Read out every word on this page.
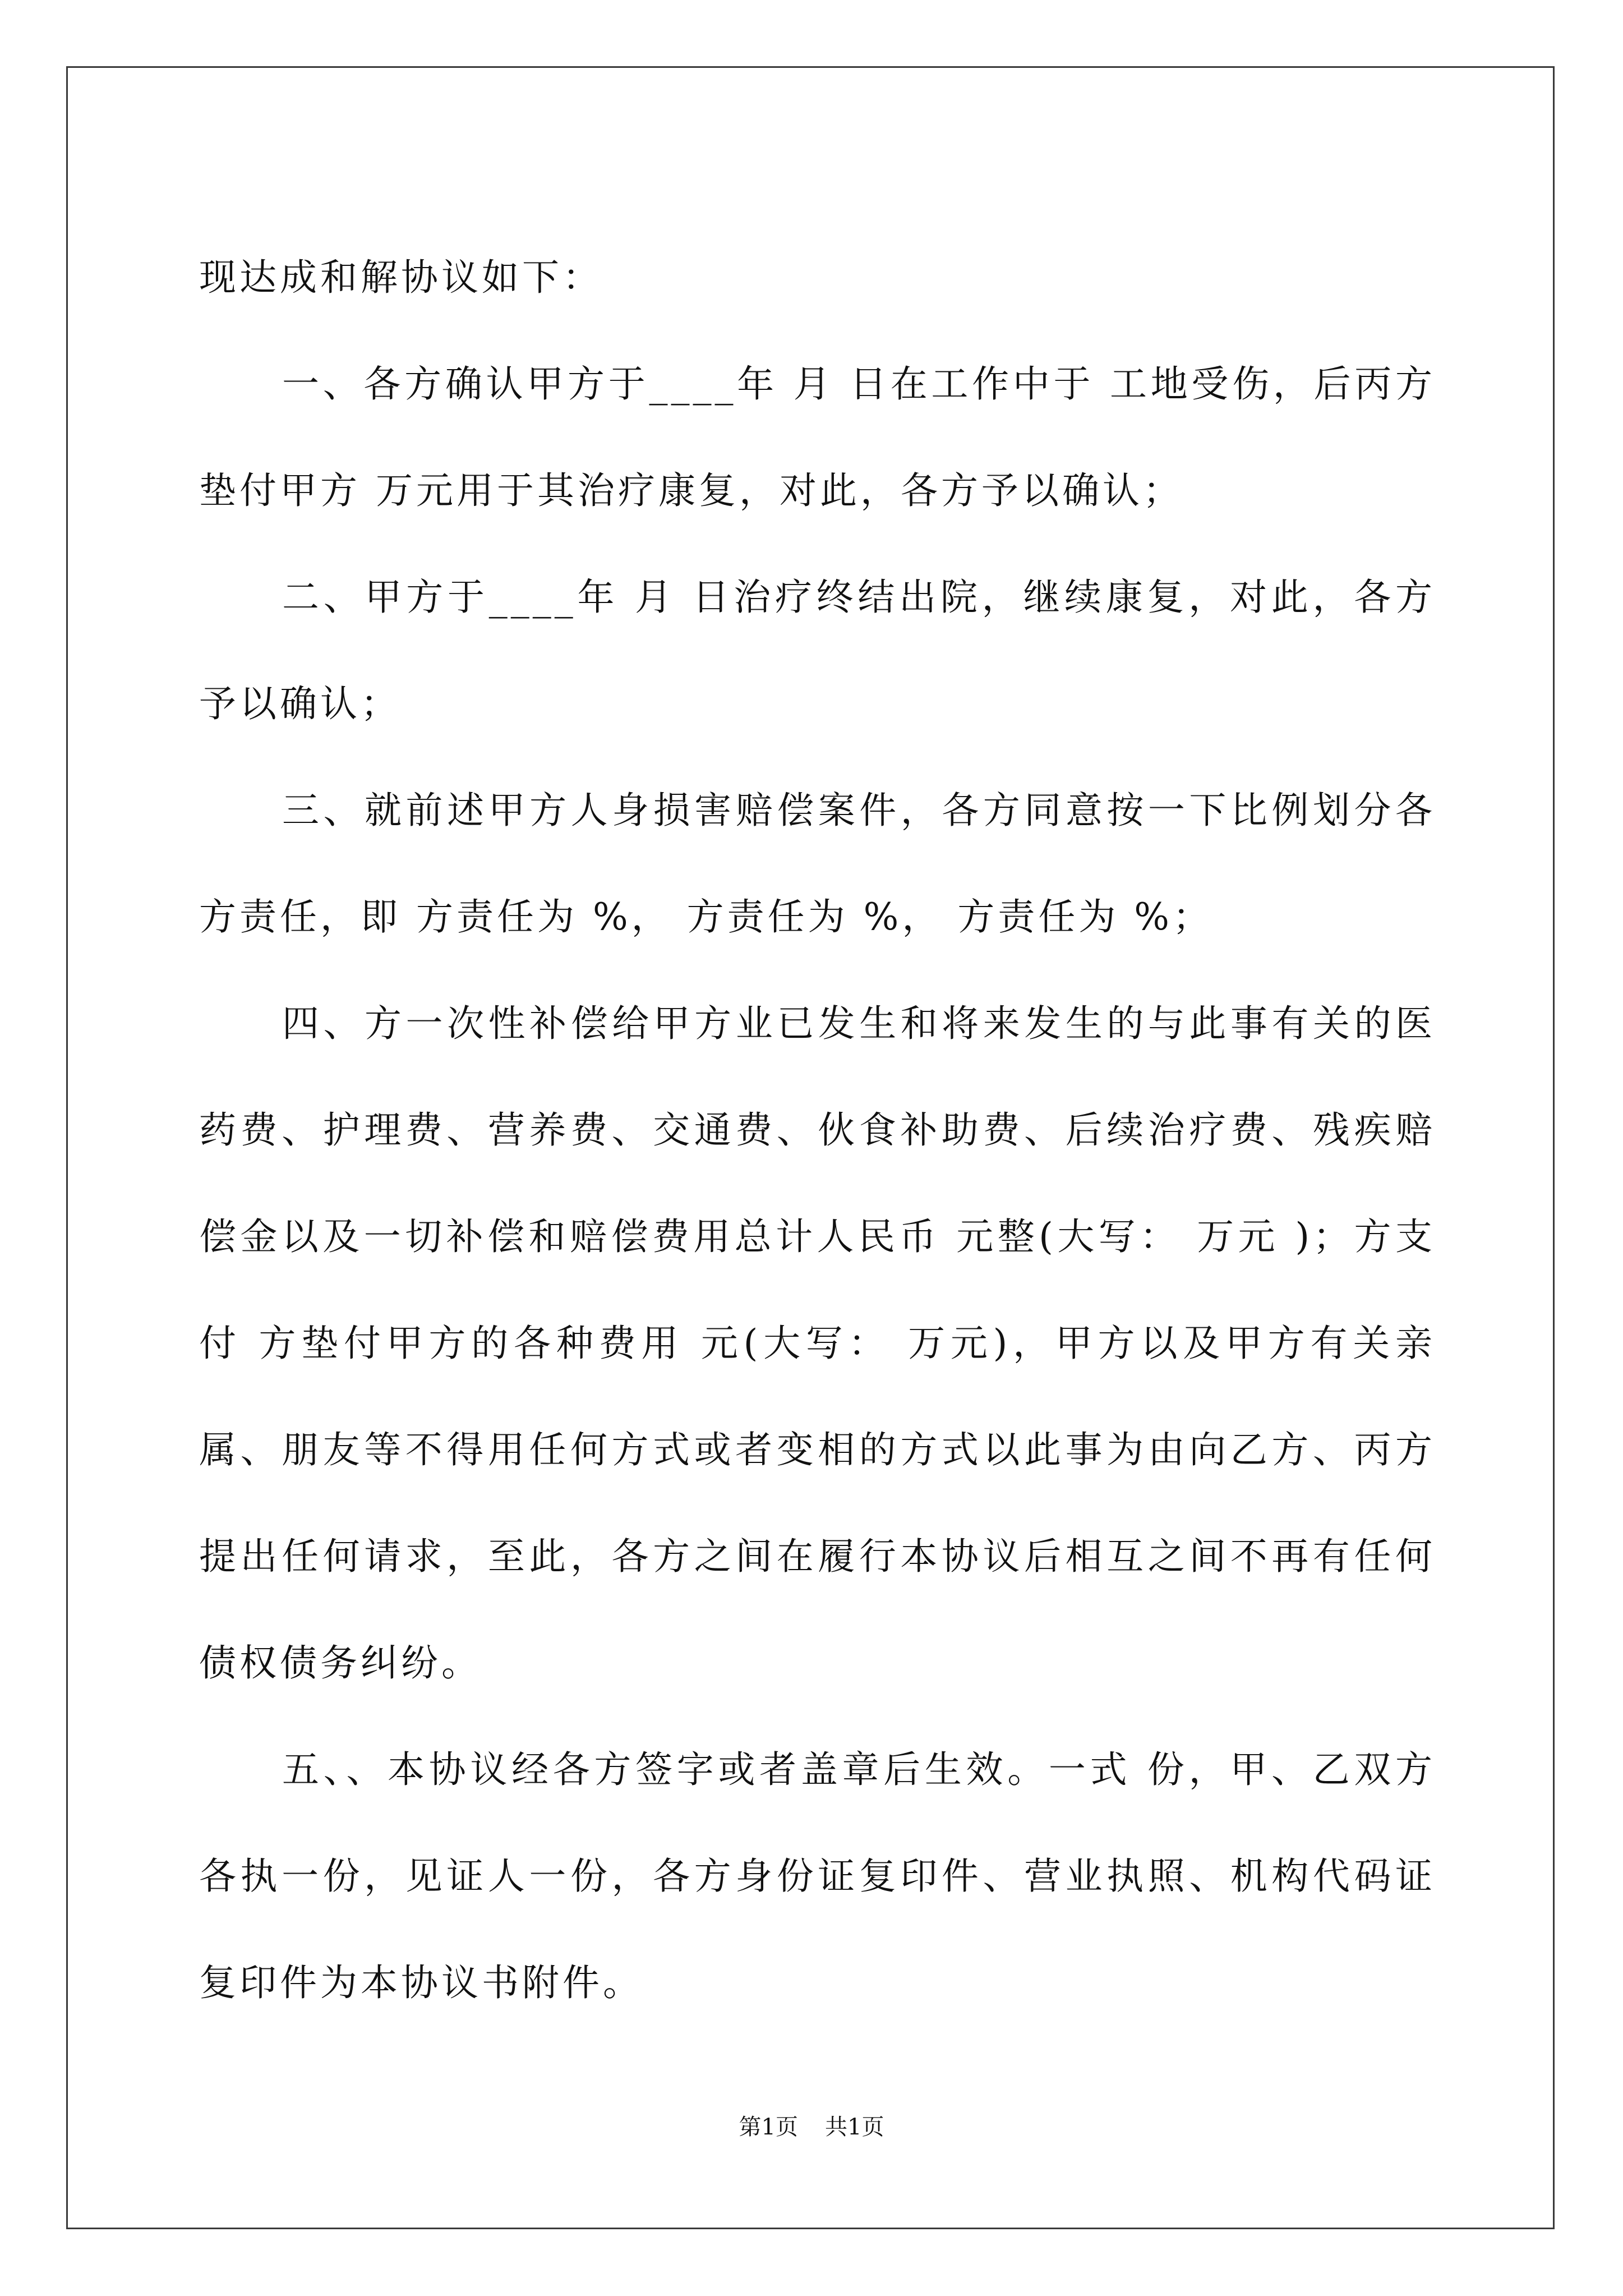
现达成和解协议如下：

一、各方确认甲方于____年 月 日在工作中于 工地受伤，后丙方垫付甲方 万元用于其治疗康复，对此，各方予以确认；

二、甲方于____年 月 日治疗终结出院，继续康复，对此，各方予以确认；

三、就前述甲方人身损害赔偿案件，各方同意按一下比例划分各方责任，即 方责任为 %， 方责任为 %， 方责任为 %；

四、方一次性补偿给甲方业已发生和将来发生的与此事有关的医药费、护理费、营养费、交通费、伙食补助费、后续治疗费、残疾赔偿金以及一切补偿和赔偿费用总计人民币 元整(大写： 万元 )；方支付 方垫付甲方的各种费用 元(大写： 万元)，甲方以及甲方有关亲属、朋友等不得用任何方式或者变相的方式以此事为由向乙方、丙方提出任何请求，至此，各方之间在履行本协议后相互之间不再有任何债权债务纠纷。

五、、本协议经各方签字或者盖章后生效。一式 份，甲、乙双方各执一份，见证人一份，各方身份证复印件、营业执照、机构代码证复印件为本协议书附件。

第1页 共1页
